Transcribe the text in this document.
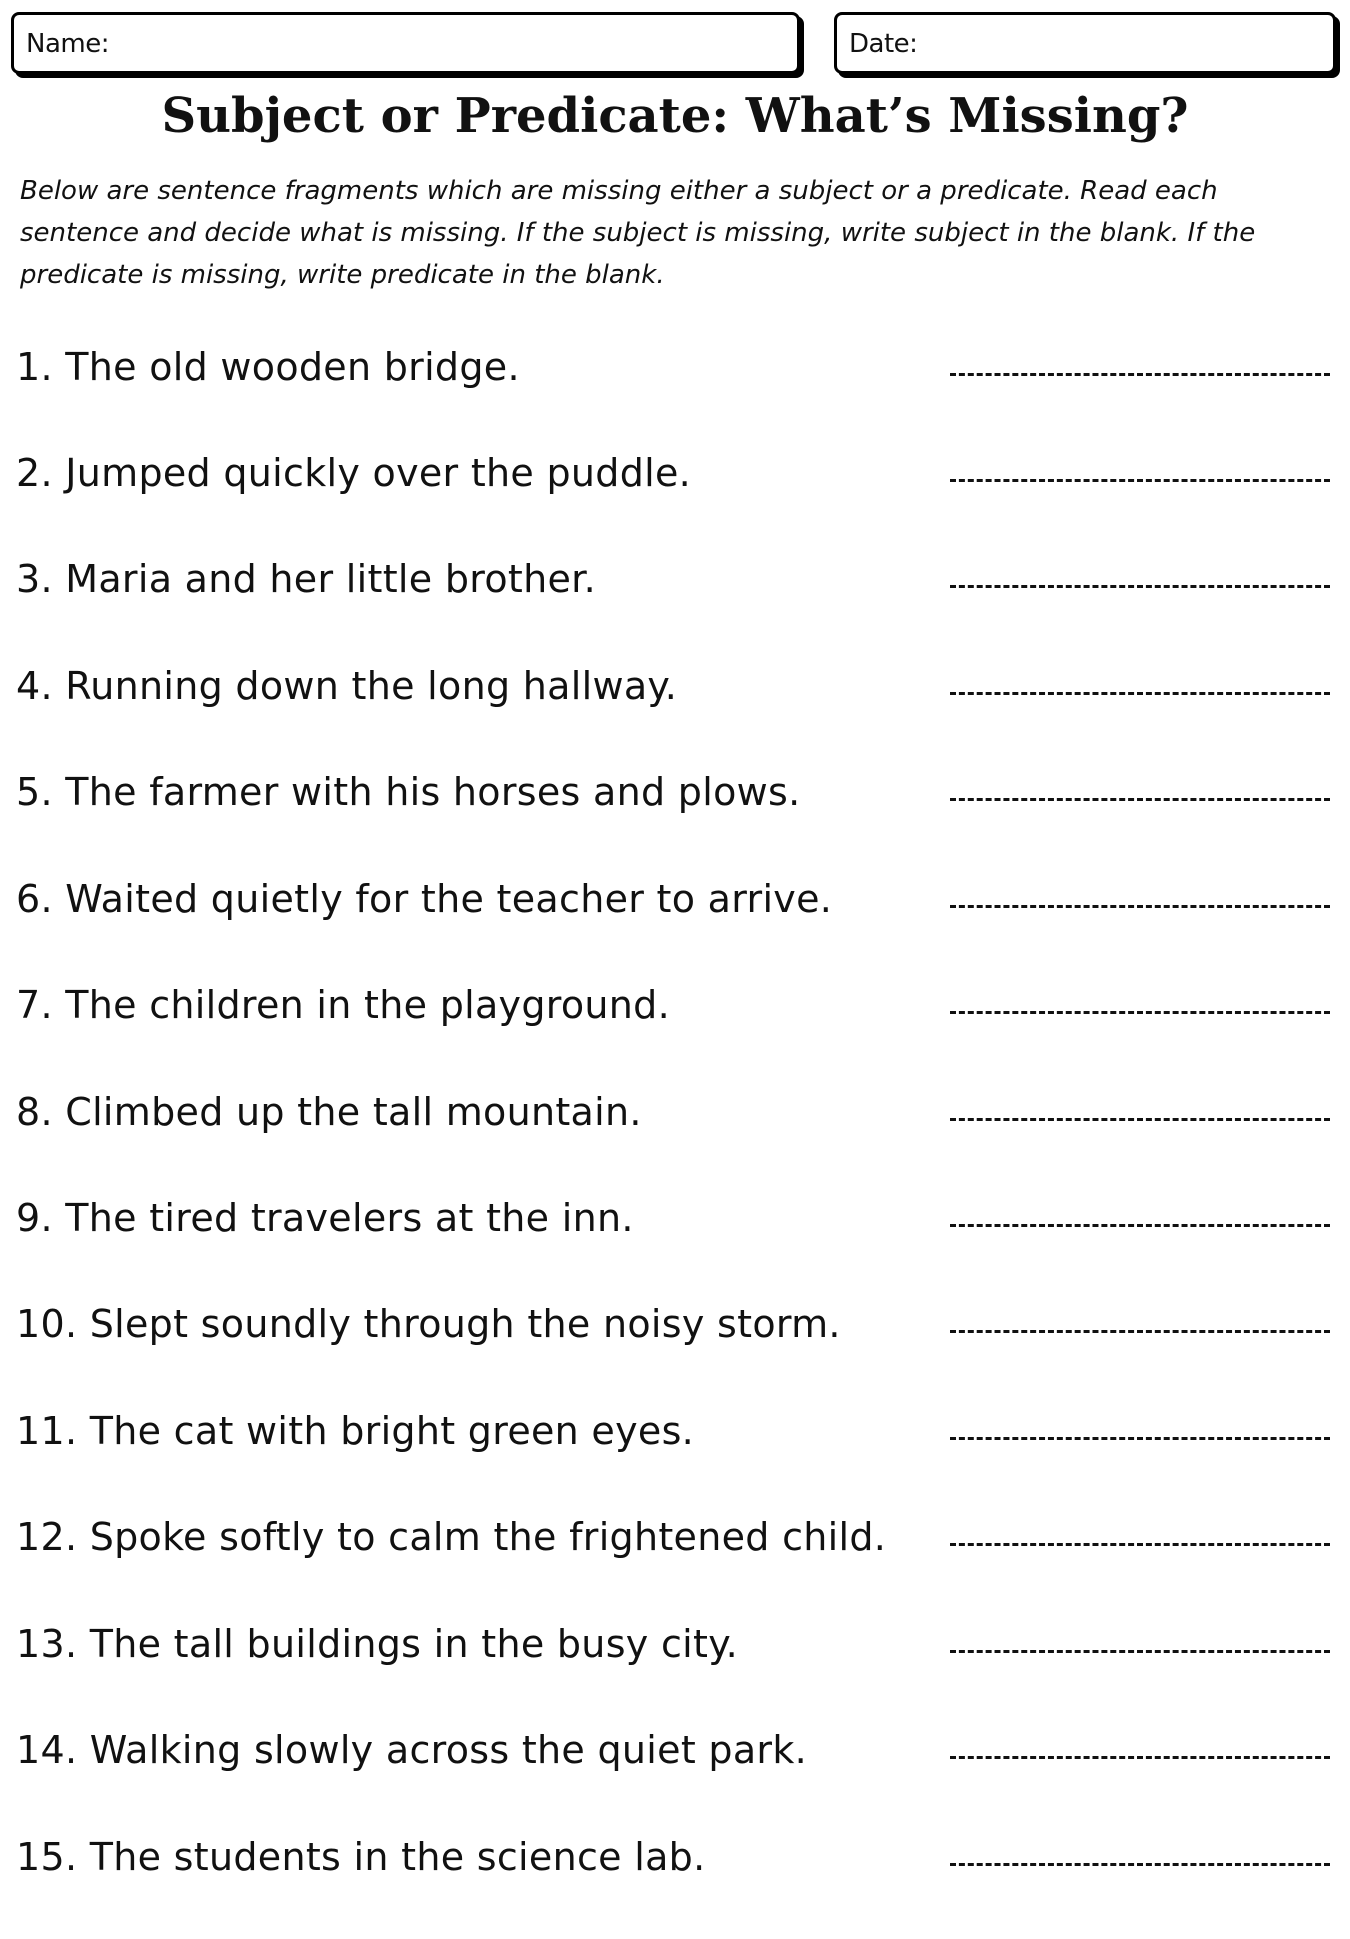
Name:	Date:
Subject or Predicate: What’s Missing?
Below are sentence fragments which are missing either a subject or a predicate. Read each sentence and decide what is missing. If the subject is missing, write subject in the blank. If the predicate is missing, write predicate in the blank.
1. The old wooden bridge.
2. Jumped quickly over the puddle.
3. Maria and her little brother.
4. Running down the long hallway.
5. The farmer with his horses and plows.
6. Waited quietly for the teacher to arrive.
7. The children in the playground.
8. Climbed up the tall mountain.
9. The tired travelers at the inn.
10. Slept soundly through the noisy storm.
11. The cat with bright green eyes.
12. Spoke softly to calm the frightened child.
13. The tall buildings in the busy city.
14. Walking slowly across the quiet park.
15. The students in the science lab.
